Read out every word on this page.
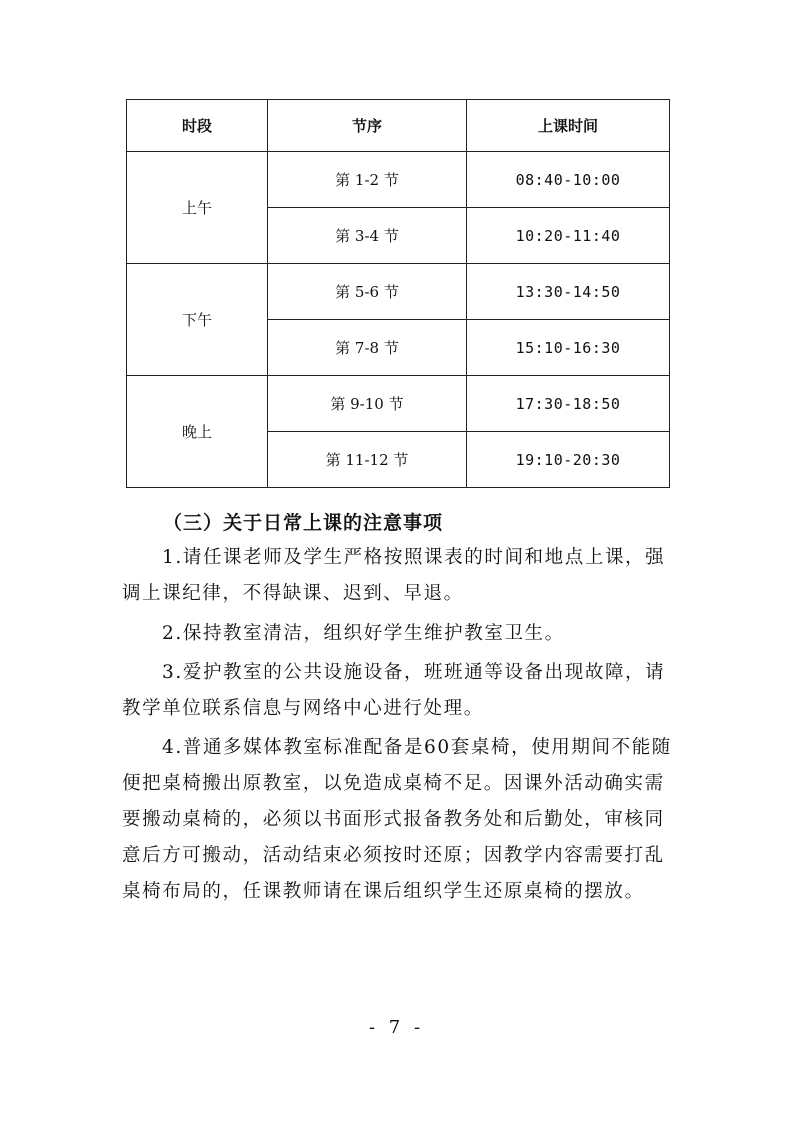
时段	节序	上课时间
上午	第 1-2 节	08:40-10:00
	第 3-4 节	10:20-11:40
下午	第 5-6 节	13:30-14:50
	第 7-8 节	15:10-16:30
晚上	第 9-10 节	17:30-18:50
	第 11-12 节	19:10-20:30
（三）关于日常上课的注意事项

1.请任课老师及学生严格按照课表的时间和地点上课，强调上课纪律，不得缺课、迟到、早退。

2.保持教室清洁，组织好学生维护教室卫生。

3.爱护教室的公共设施设备，班班通等设备出现故障，请教学单位联系信息与网络中心进行处理。

4.普通多媒体教室标准配备是60套桌椅，使用期间不能随便把桌椅搬出原教室，以免造成桌椅不足。因课外活动确实需要搬动桌椅的，必须以书面形式报备教务处和后勤处，审核同意后方可搬动，活动结束必须按时还原；因教学内容需要打乱桌椅布局的，任课教师请在课后组织学生还原桌椅的摆放。

- 7 -
